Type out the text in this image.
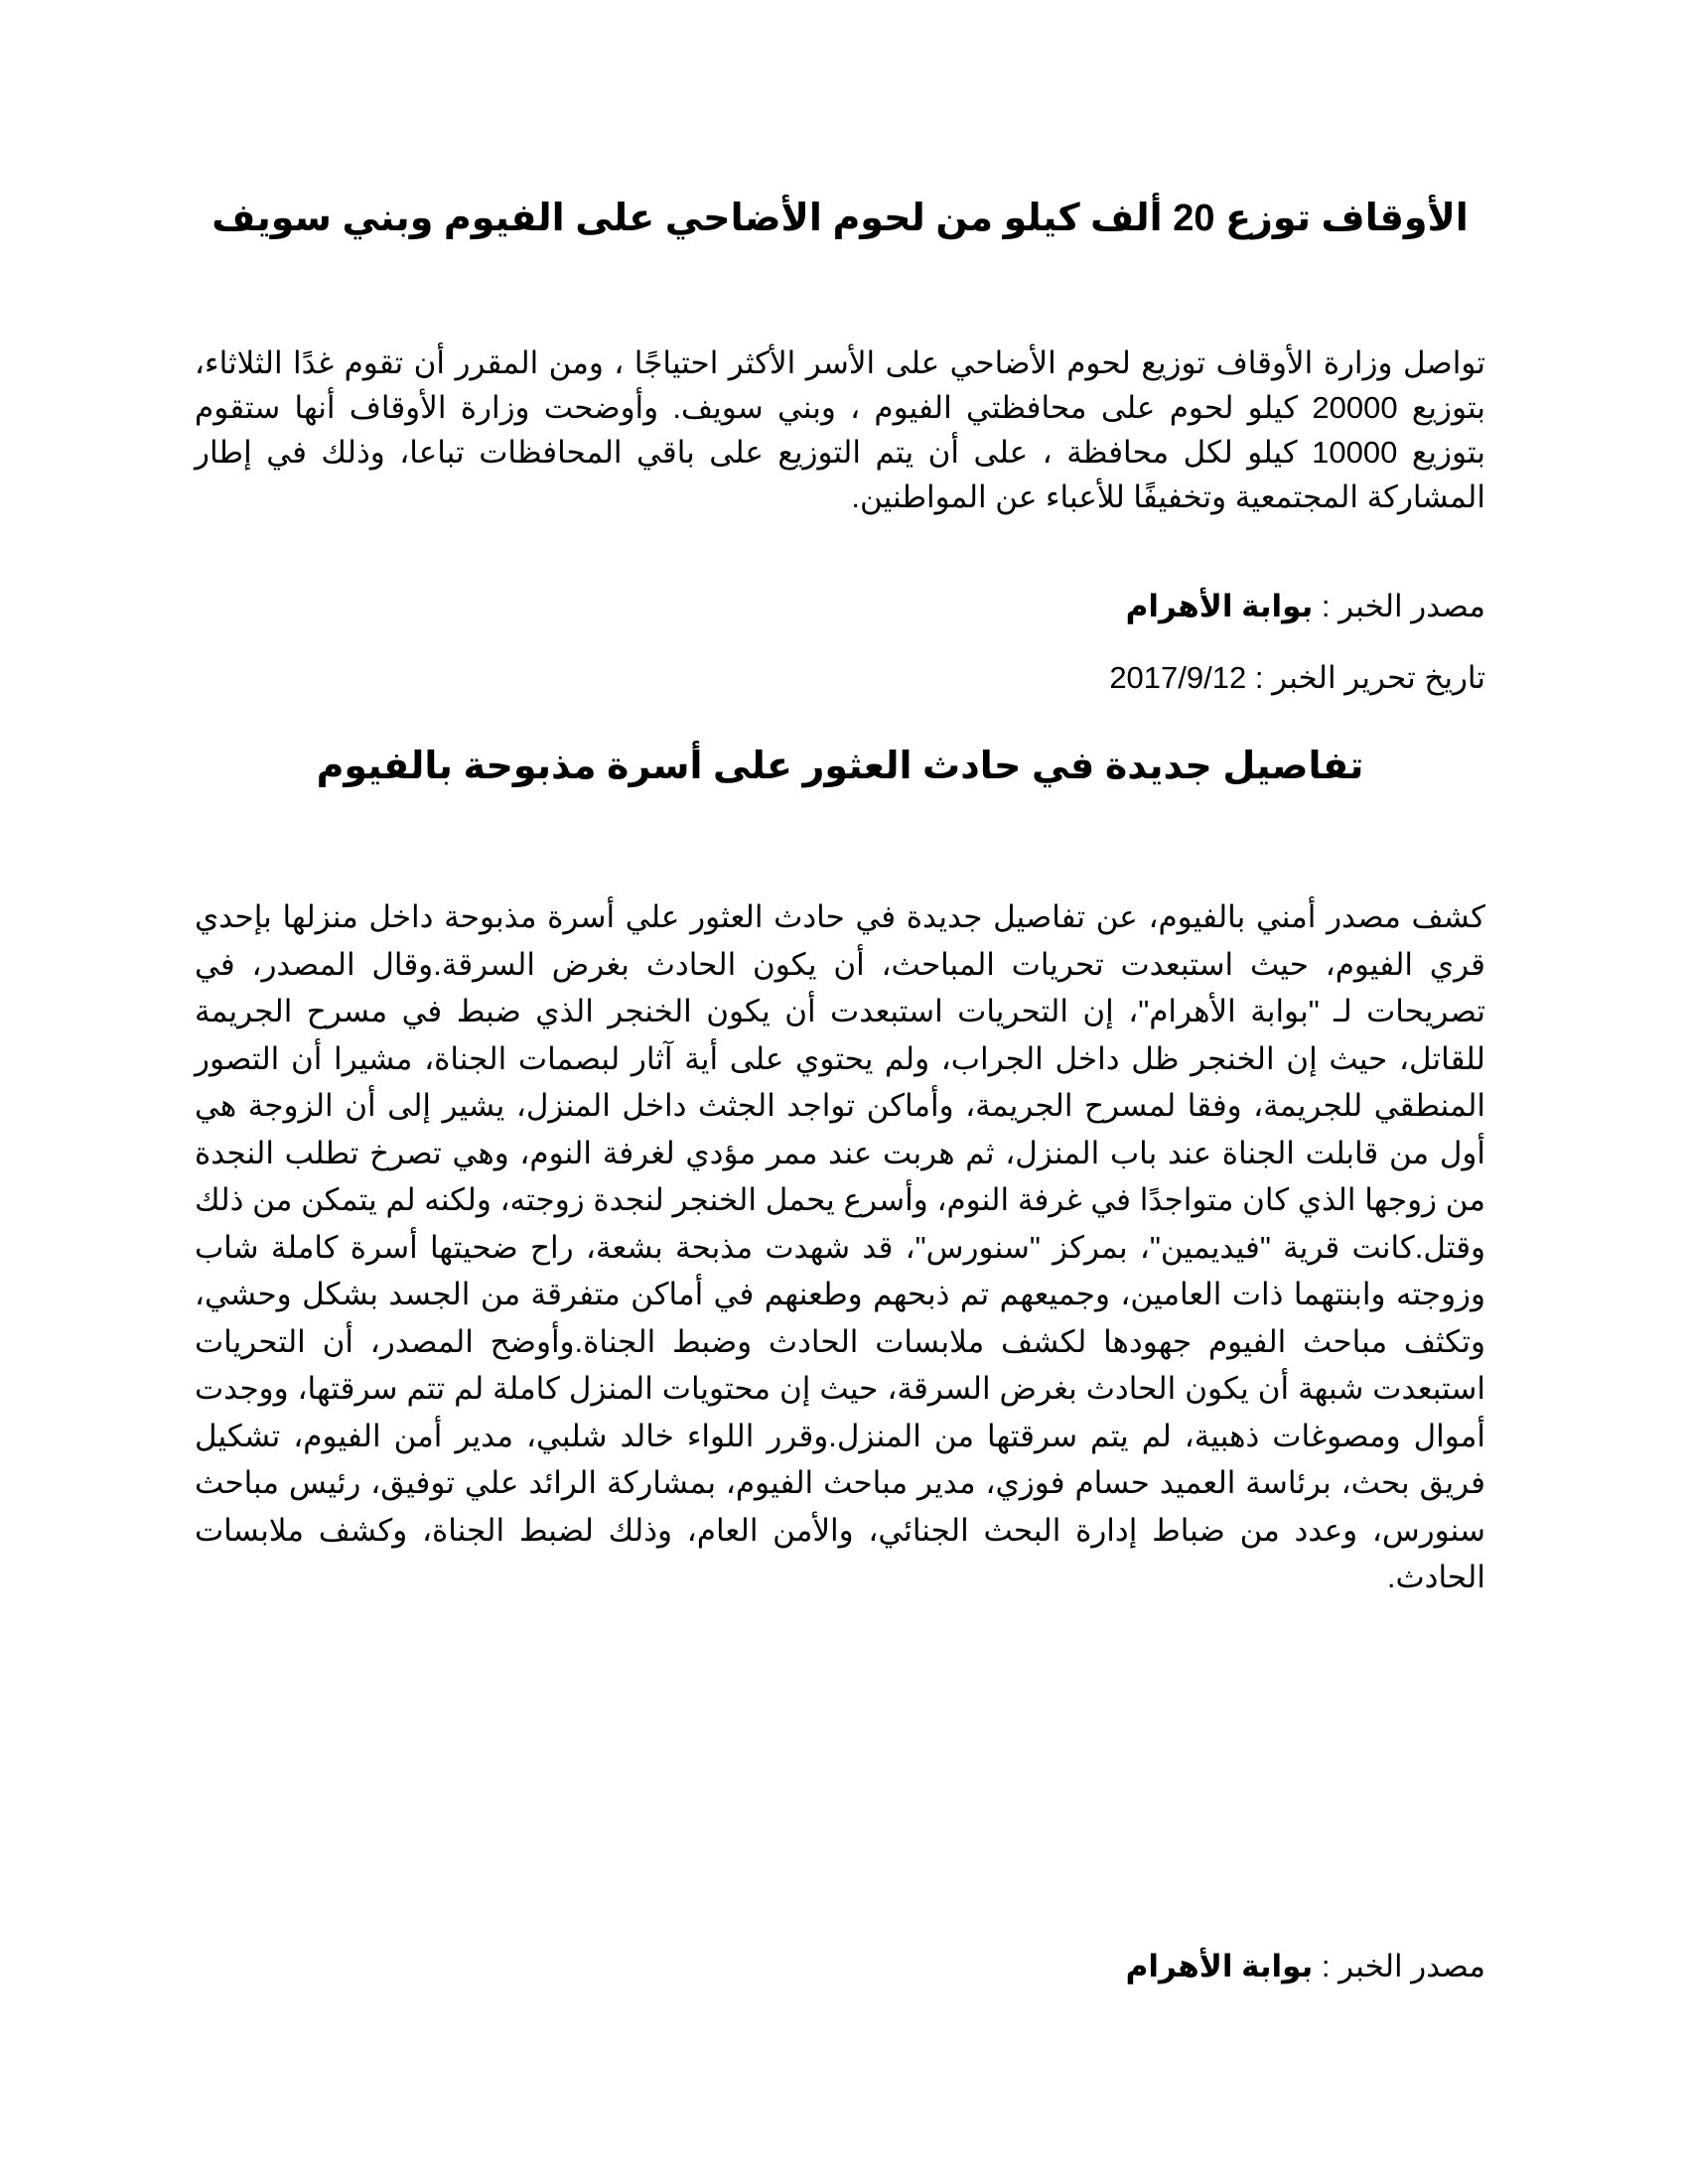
الأوقاف توزع 20 ألف كيلو من لحوم الأضاحي على الفيوم وبني سويف

تواصل وزارة الأوقاف توزيع لحوم الأضاحي على الأسر الأكثر احتياجًا ، ومن المقرر أن تقوم غدًا الثلاثاء، بتوزيع 20000 كيلو لحوم على محافظتي الفيوم ، وبني سويف. وأوضحت وزارة الأوقاف أنها ستقوم بتوزيع 10000 كيلو لكل محافظة ، على أن يتم التوزيع على باقي المحافظات تباعا، وذلك في إطار المشاركة المجتمعية وتخفيفًا للأعباء عن المواطنين.

مصدر الخبر : بوابة الأهرام

تاريخ تحرير الخبر : 2017/9/12

تفاصيل جديدة في حادث العثور على أسرة مذبوحة بالفيوم

كشف مصدر أمني بالفيوم، عن تفاصيل جديدة في حادث العثور علي أسرة مذبوحة داخل منزلها بإحدي قري الفيوم، حيث استبعدت تحريات المباحث، أن يكون الحادث بغرض السرقة.وقال المصدر، في تصريحات لـ "بوابة الأهرام"، إن التحريات استبعدت أن يكون الخنجر الذي ضبط في مسرح الجريمة للقاتل، حيث إن الخنجر ظل داخل الجراب، ولم يحتوي على أية آثار لبصمات الجناة، مشيرا أن التصور المنطقي للجريمة، وفقا لمسرح الجريمة، وأماكن تواجد الجثث داخل المنزل، يشير إلى أن الزوجة هي أول من قابلت الجناة عند باب المنزل، ثم هربت عند ممر مؤدي لغرفة النوم، وهي تصرخ تطلب النجدة من زوجها الذي كان متواجدًا في غرفة النوم، وأسرع يحمل الخنجر لنجدة زوجته، ولكنه لم يتمكن من ذلك وقتل.كانت قرية "فيديمين"، بمركز "سنورس"، قد شهدت مذبحة بشعة، راح ضحيتها أسرة كاملة شاب وزوجته وابنتهما ذات العامين، وجميعهم تم ذبحهم وطعنهم في أماكن متفرقة من الجسد بشكل وحشي، وتكثف مباحث الفيوم جهودها لكشف ملابسات الحادث وضبط الجناة.وأوضح المصدر، أن التحريات استبعدت شبهة أن يكون الحادث بغرض السرقة، حيث إن محتويات المنزل كاملة لم تتم سرقتها، ووجدت أموال ومصوغات ذهبية، لم يتم سرقتها من المنزل.وقرر اللواء خالد شلبي، مدير أمن الفيوم، تشكيل فريق بحث، برئاسة العميد حسام فوزي، مدير مباحث الفيوم، بمشاركة الرائد علي توفيق، رئيس مباحث سنورس، وعدد من ضباط إدارة البحث الجنائي، والأمن العام، وذلك لضبط الجناة، وكشف ملابسات الحادث.

مصدر الخبر : بوابة الأهرام
